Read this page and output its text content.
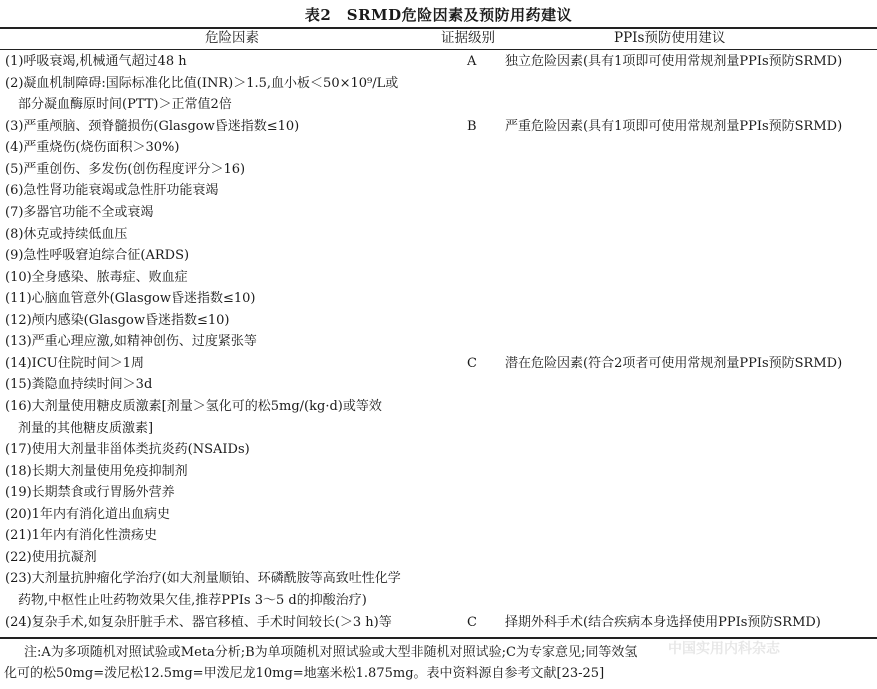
表2　SRMD危险因素及预防用药建议
危险因素	证据级别	PPIs预防使用建议
(1)呼吸衰竭,机械通气超过48 h	A 独立危险因素(具有1项即可使用常规剂量PPIs预防SRMD)
(2)凝血机制障碍:国际标准化比值(INR)＞1.5,血小板＜50×10⁹/L或
　部分凝血酶原时间(PTT)＞正常值2倍
(3)严重颅脑、颈脊髓损伤(Glasgow昏迷指数≤10)	B 严重危险因素(具有1项即可使用常规剂量PPIs预防SRMD)
(4)严重烧伤(烧伤面积＞30%)
(5)严重创伤、多发伤(创伤程度评分＞16)
(6)急性肾功能衰竭或急性肝功能衰竭
(7)多器官功能不全或衰竭
(8)休克或持续低血压
(9)急性呼吸窘迫综合征(ARDS)
(10)全身感染、脓毒症、败血症
(11)心脑血管意外(Glasgow昏迷指数≤10)
(12)颅内感染(Glasgow昏迷指数≤10)
(13)严重心理应激,如精神创伤、过度紧张等
(14)ICU住院时间＞1周	C 潜在危险因素(符合2项者可使用常规剂量PPIs预防SRMD)
(15)粪隐血持续时间＞3d
(16)大剂量使用糖皮质激素[剂量＞氢化可的松5mg/(kg·d)或等效
　剂量的其他糖皮质激素]
(17)使用大剂量非甾体类抗炎药(NSAIDs)
(18)长期大剂量使用免疫抑制剂
(19)长期禁食或行胃肠外营养
(20)1年内有消化道出血病史
(21)1年内有消化性溃疡史
(22)使用抗凝剂
(23)大剂量抗肿瘤化学治疗(如大剂量顺铂、环磷酰胺等高致吐性化学
　药物,中枢性止吐药物效果欠佳,推荐PPIs 3～5 d的抑酸治疗)
(24)复杂手术,如复杂肝脏手术、器官移植、手术时间较长(＞3 h)等	C 择期外科手术(结合疾病本身选择使用PPIs预防SRMD)
注:A为多项随机对照试验或Meta分析;B为单项随机对照试验或大型非随机对照试验;C为专家意见;同等效氢
化可的松50mg=泼尼松12.5mg=甲泼尼龙10mg=地塞米松1.875mg。表中资料源自参考文献[23-25]
中国实用内科杂志
